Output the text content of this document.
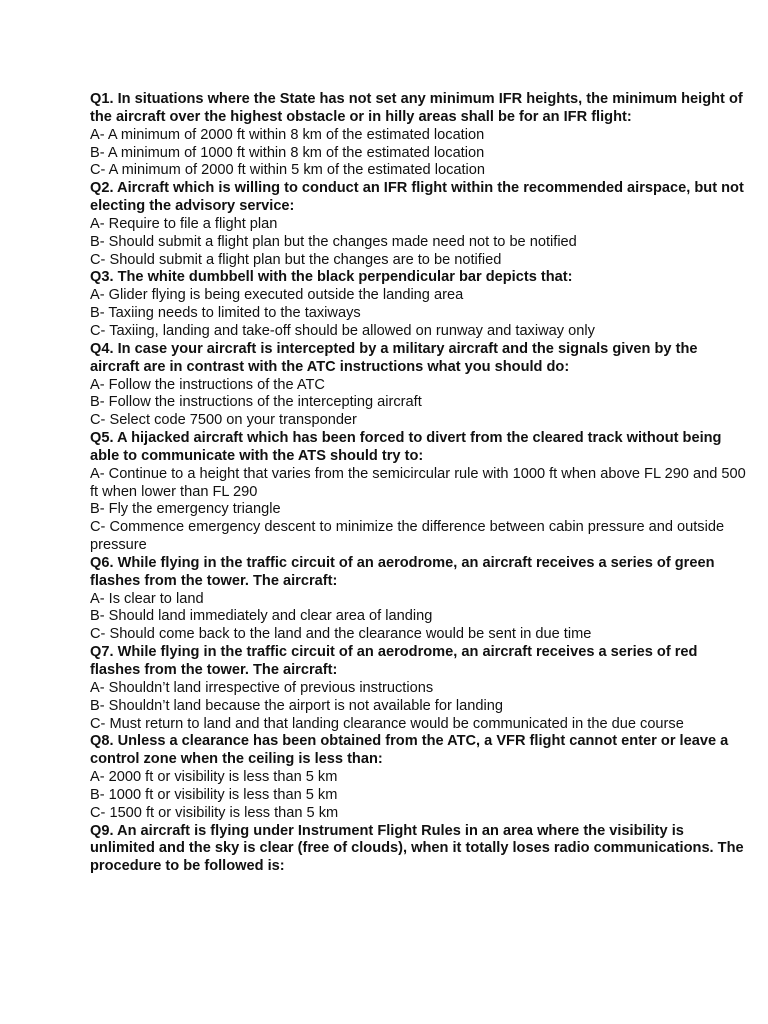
Q1. In situations where the State has not set any minimum IFR heights, the minimum height of the aircraft over the highest obstacle or in hilly areas shall be for an IFR flight:

A- A minimum of 2000 ft within 8 km of the estimated location

B- A minimum of 1000 ft within 8 km of the estimated location

C- A minimum of 2000 ft within 5 km of the estimated location

Q2. Aircraft which is willing to conduct an IFR flight within the recommended airspace, but not electing the advisory service:

A- Require to file a flight plan

B- Should submit a flight plan but the changes made need not to be notified

C- Should submit a flight plan but the changes are to be notified

Q3. The white dumbbell with the black perpendicular bar depicts that:

A- Glider flying is being executed outside the landing area

B- Taxiing needs to limited to the taxiways

C- Taxiing, landing and take-off should be allowed on runway and taxiway only

Q4. In case your aircraft is intercepted by a military aircraft and the signals given by the aircraft are in contrast with the ATC instructions what you should do:

A- Follow the instructions of the ATC

B- Follow the instructions of the intercepting aircraft

C- Select code 7500 on your transponder

Q5. A hijacked aircraft which has been forced to divert from the cleared track without being able to communicate with the ATS should try to:

A- Continue to a height that varies from the semicircular rule with 1000 ft when above FL 290 and 500 ft when lower than FL 290

B- Fly the emergency triangle

C- Commence emergency descent to minimize the difference between cabin pressure and outside pressure

Q6. While flying in the traffic circuit of an aerodrome, an aircraft receives a series of green flashes from the tower. The aircraft:

A- Is clear to land

B- Should land immediately and clear area of landing

C- Should come back to the land and the clearance would be sent in due time

Q7. While flying in the traffic circuit of an aerodrome, an aircraft receives a series of red flashes from the tower. The aircraft:

A- Shouldn’t land irrespective of previous instructions

B- Shouldn’t land because the airport is not available for landing

C- Must return to land and that landing clearance would be communicated in the due course

Q8. Unless a clearance has been obtained from the ATC, a VFR flight cannot enter or leave a control zone when the ceiling is less than:

A- 2000 ft or visibility is less than 5 km

B- 1000 ft or visibility is less than 5 km

C- 1500 ft or visibility is less than 5 km

Q9. An aircraft is flying under Instrument Flight Rules in an area where the visibility is unlimited and the sky is clear (free of clouds), when it totally loses radio communications. The procedure to be followed is:
